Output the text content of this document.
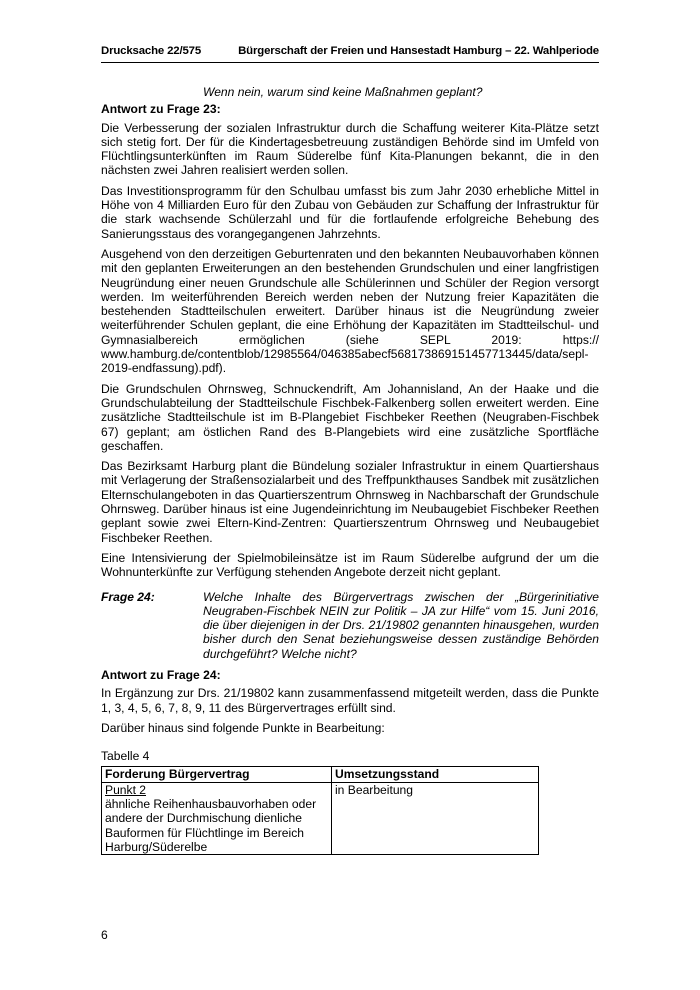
Drucksache 22/575	Bürgerschaft der Freien und Hansestadt Hamburg – 22. Wahlperiode

Wenn nein, warum sind keine Maßnahmen geplant?

Antwort zu Frage 23:

Die Verbesserung der sozialen Infrastruktur durch die Schaffung weiterer Kita-Plätze setzt sich stetig fort. Der für die Kindertagesbetreuung zuständigen Behörde sind im Umfeld von Flüchtlingsunterkünften im Raum Süderelbe fünf Kita-Planungen bekannt, die in den nächsten zwei Jahren realisiert werden sollen.

Das Investitionsprogramm für den Schulbau umfasst bis zum Jahr 2030 erhebliche Mittel in Höhe von 4 Milliarden Euro für den Zubau von Gebäuden zur Schaffung der Infrastruktur für die stark wachsende Schülerzahl und für die fortlaufende erfolgreiche Behebung des Sanierungsstaus des vorangegangenen Jahrzehnts.

Ausgehend von den derzeitigen Geburtenraten und den bekannten Neubauvorhaben können mit den geplanten Erweiterungen an den bestehenden Grundschulen und einer langfristigen Neugründung einer neuen Grundschule alle Schülerinnen und Schüler der Region versorgt werden. Im weiterführenden Bereich werden neben der Nutzung freier Kapazitäten die bestehenden Stadtteilschulen erweitert. Darüber hinaus ist die Neugründung zweier weiterführender Schulen geplant, die eine Erhöhung der Kapazitäten im Stadtteilschul- und Gymnasialbereich ermöglichen (siehe SEPL 2019: https://​www.hamburg.de/contentblob/12985564/046385abecf568173869151457713445/​data/sepl-2019-endfassung).pdf).

Die Grundschulen Ohrnsweg, Schnuckendrift, Am Johannisland, An der Haake und die Grundschulabteilung der Stadtteilschule Fischbek-Falkenberg sollen erweitert werden. Eine zusätzliche Stadtteilschule ist im B-Plangebiet Fischbeker Reethen (Neugraben-Fischbek 67) geplant; am östlichen Rand des B-Plangebiets wird eine zusätzliche Sportfläche geschaffen.

Das Bezirksamt Harburg plant die Bündelung sozialer Infrastruktur in einem Quartiershaus mit Verlagerung der Straßensozialarbeit und des Treffpunkthauses Sandbek mit zusätzlichen Elternschulangeboten in das Quartierszentrum Ohrnsweg in Nachbarschaft der Grundschule Ohrnsweg. Darüber hinaus ist eine Jugendeinrichtung im Neubaugebiet Fischbeker Reethen geplant sowie zwei Eltern-Kind-Zentren: Quartierszentrum Ohrnsweg und Neubaugebiet Fischbeker Reethen.

Eine Intensivierung der Spielmobileinsätze ist im Raum Süderelbe aufgrund der um die Wohnunterkünfte zur Verfügung stehenden Angebote derzeit nicht geplant.

Frage 24:	Welche Inhalte des Bürgervertrags zwischen der „Bürgerinitiative Neugraben-Fischbek NEIN zur Politik – JA zur Hilfe“ vom 15. Juni 2016, die über diejenigen in der Drs. 21/19802 genannten hinausgehen, wurden bisher durch den Senat beziehungsweise dessen zuständige Behörden durchgeführt? Welche nicht?

Antwort zu Frage 24:

In Ergänzung zur Drs. 21/19802 kann zusammenfassend mitgeteilt werden, dass die Punkte 1, 3, 4, 5, 6, 7, 8, 9, 11 des Bürgervertrages erfüllt sind.

Darüber hinaus sind folgende Punkte in Bearbeitung:

Tabelle 4

Forderung Bürgervertrag	Umsetzungsstand

Punkt 2
ähnliche Reihenhausbauvorhaben oder
andere der Durchmischung dienliche
Bauformen für Flüchtlinge im Bereich
Harburg/Süderelbe	in Bearbeitung
6
